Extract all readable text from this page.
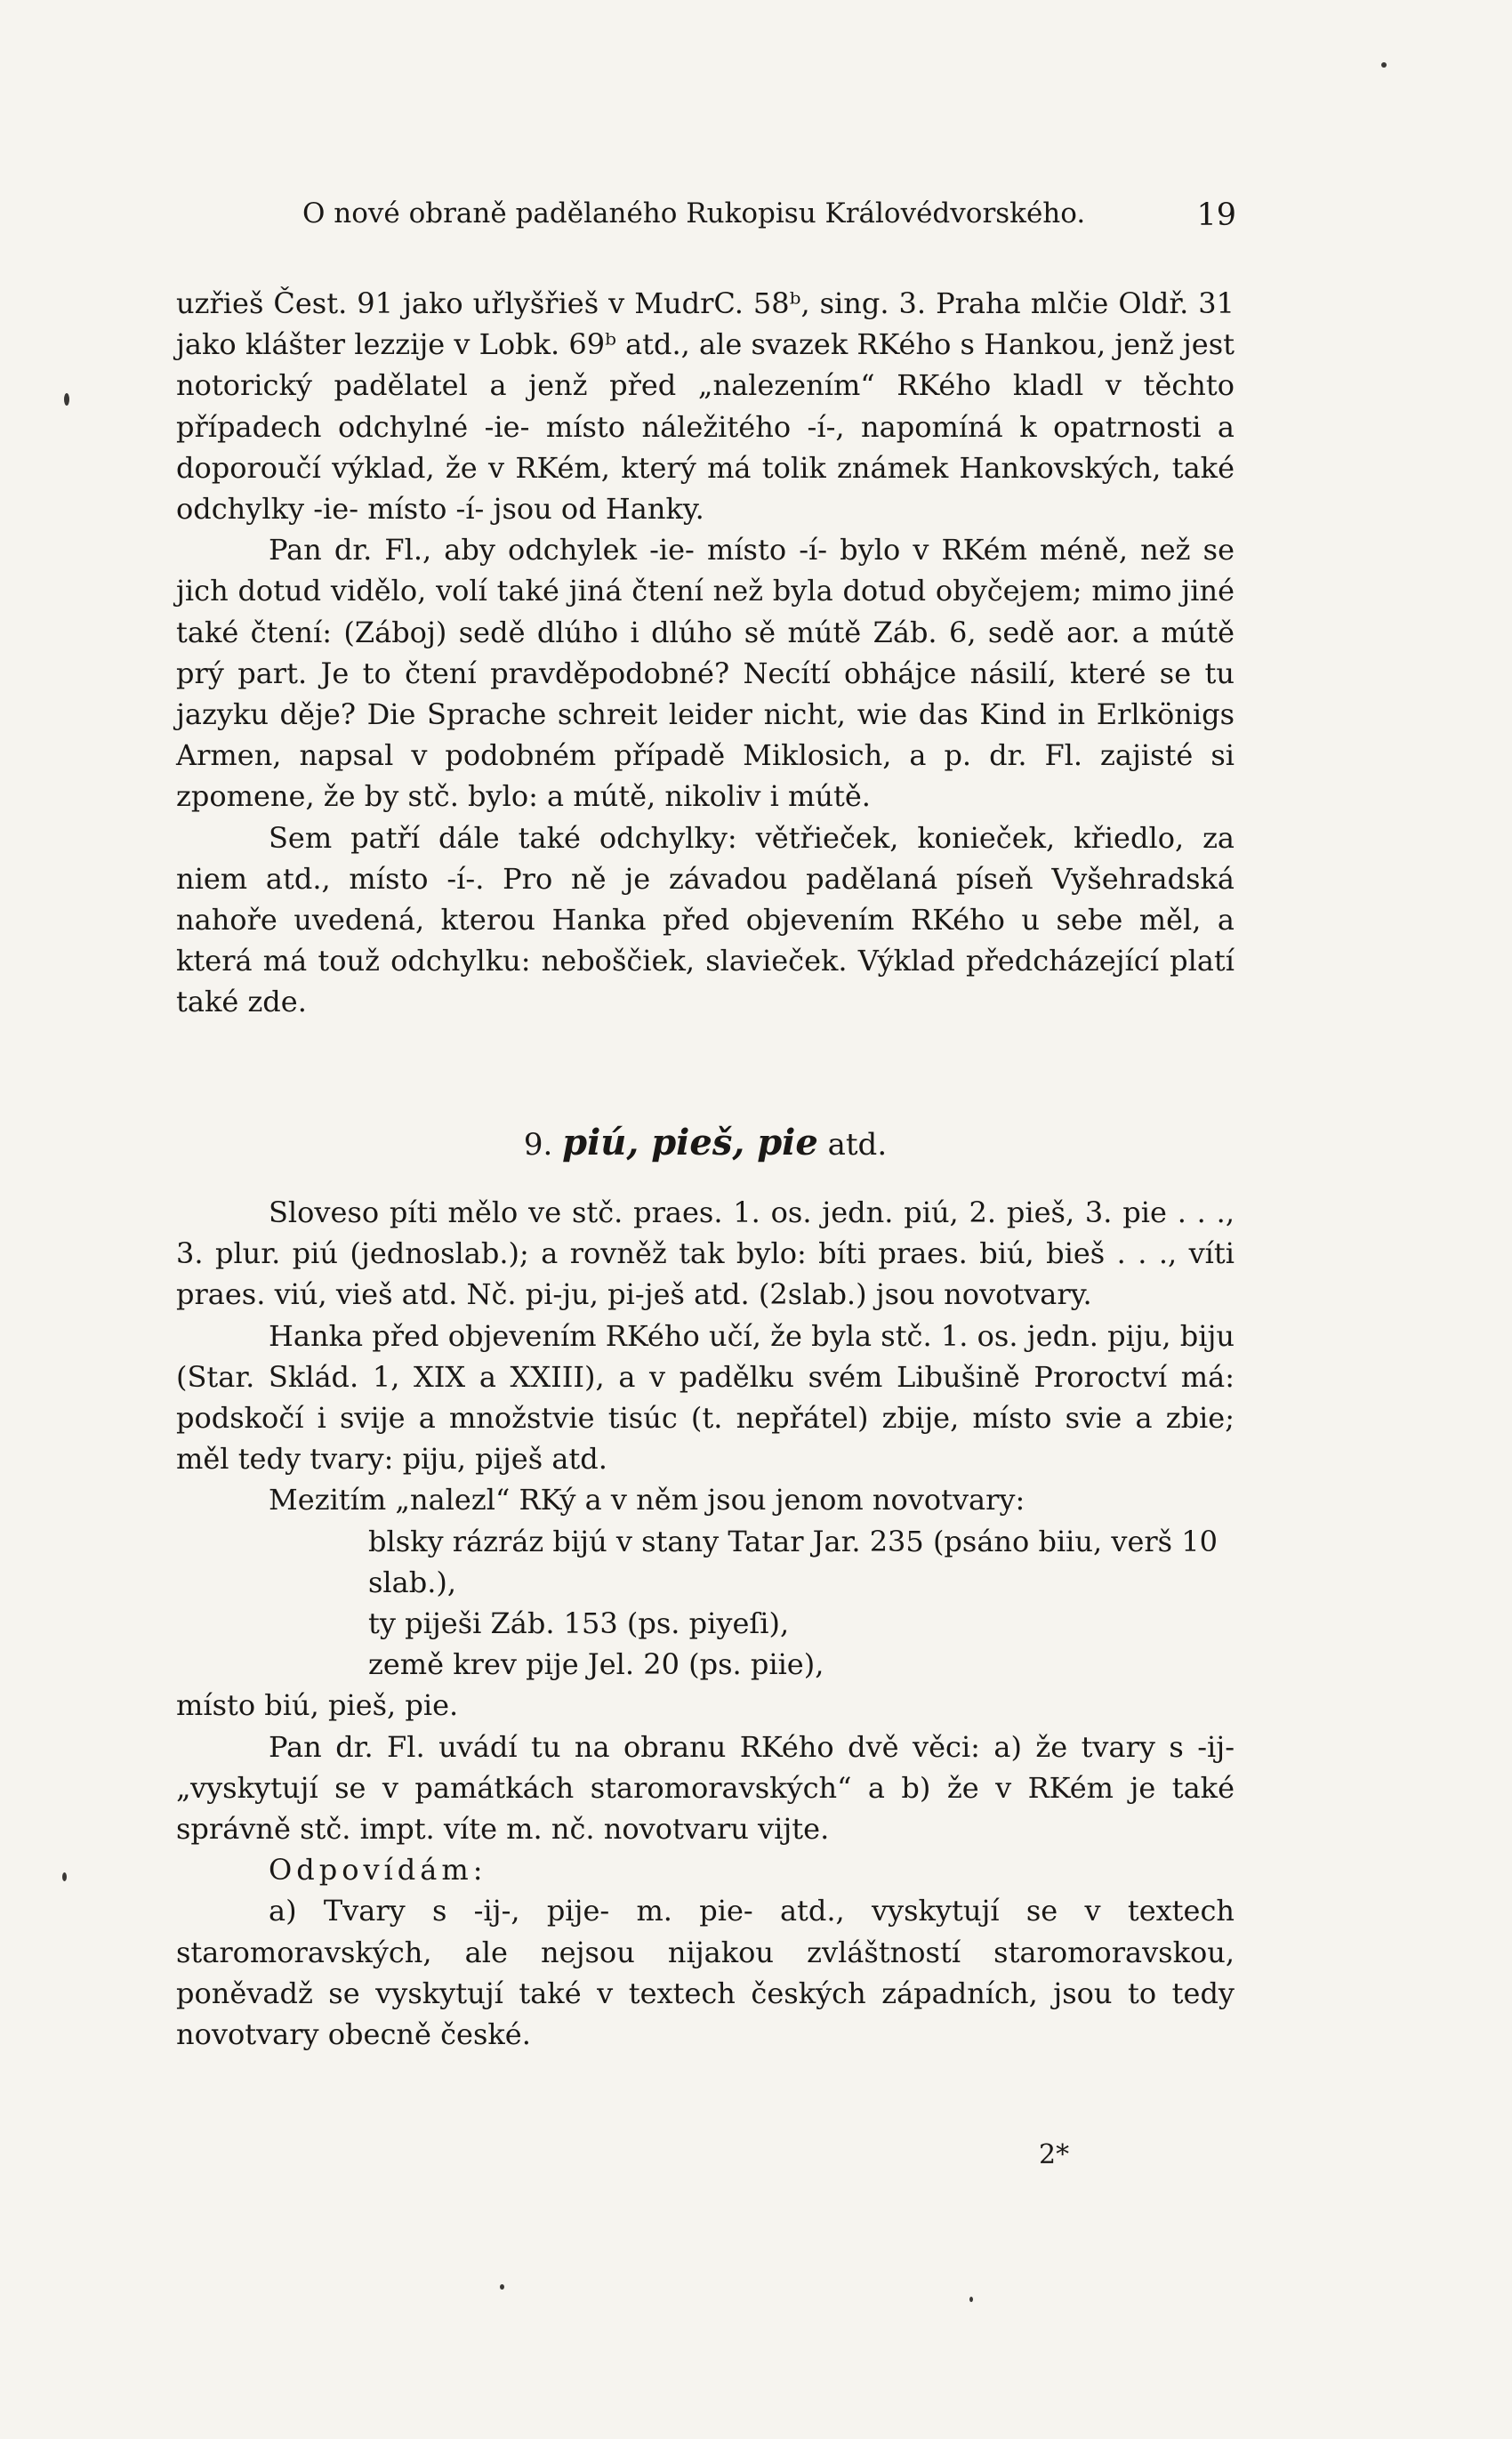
O nové obraně padělaného Rukopisu Královédvorského.	19

uzřieš Čest. 91 jako uřlyšřieš v MudrC. 58ᵇ, sing. 3. Praha mlčie Oldř. 31 jako klášter lezzije v Lobk. 69ᵇ atd., ale svazek RKého s Hankou, jenž jest notorický padělatel a jenž před „nalezením“ RKého kladl v těchto případech odchylné -ie- místo náležitého -í-, napomíná k opatrnosti a doporoučí výklad, že v RKém, který má tolik známek Hankovských, také odchylky -ie- místo -í- jsou od Hanky.

Pan dr. Fl., aby odchylek -ie- místo -í- bylo v RKém méně, než se jich dotud vidělo, volí také jiná čtení než byla dotud obyčejem; mimo jiné také čtení: (Záboj) sedě dlúho i dlúho sě mútě Záb. 6, sedě aor. a mútě prý part. Je to čtení pravděpodobné? Necítí obhájce násilí, které se tu jazyku děje? Die Sprache schreit leider nicht, wie das Kind in Erlkönigs Armen, napsal v podobném případě Miklosich, a p. dr. Fl. zajisté si zpomene, že by stč. bylo: a mútě, nikoliv i mútě.

Sem patří dále také odchylky: větřieček, konieček, křiedlo, za niem atd., místo -í-. Pro ně je závadou padělaná píseň Vyšehradská nahoře uvedená, kterou Hanka před objevením RKého u sebe měl, a která má touž odchylku: neboščiek, slavieček. Výklad předcházející platí také zde.

9. piú, pieš, pie atd.

Sloveso píti mělo ve stč. praes. 1. os. jedn. piú, 2. pieš, 3. pie . . ., 3. plur. piú (jednoslab.); a rovněž tak bylo: bíti praes. biú, bieš . . ., víti praes. viú, vieš atd. Nč. pi-ju, pi-ješ atd. (2slab.) jsou novotvary.

Hanka před objevením RKého učí, že byla stč. 1. os. jedn. piju, biju (Star. Sklád. 1, XIX a XXIII), a v padělku svém Libušině Proroctví má: podskočí i svije a množstvie tisúc (t. nepřátel) zbije, místo svie a zbie; měl tedy tvary: piju, piješ atd.

Mezitím „nalezl“ RKý a v něm jsou jenom novotvary:

blsky rázráz bijú v stany Tatar Jar. 235 (psáno biiu, verš 10 slab.),

ty piješi Záb. 153 (ps. piyeſi),

země krev pije Jel. 20 (ps. piie),

místo biú, pieš, pie.

Pan dr. Fl. uvádí tu na obranu RKého dvě věci: a) že tvary s -ij- „vyskytují se v památkách staromoravských“ a b) že v RKém je také správně stč. impt. víte m. nč. novotvaru vijte.

Odpovídám:

a) Tvary s -ij-, pije- m. pie- atd., vyskytují se v textech staromoravských, ale nejsou nijakou zvláštností staromoravskou, poněvadž se vyskytují také v textech českých západních, jsou to tedy novotvary obecně české.

2*
